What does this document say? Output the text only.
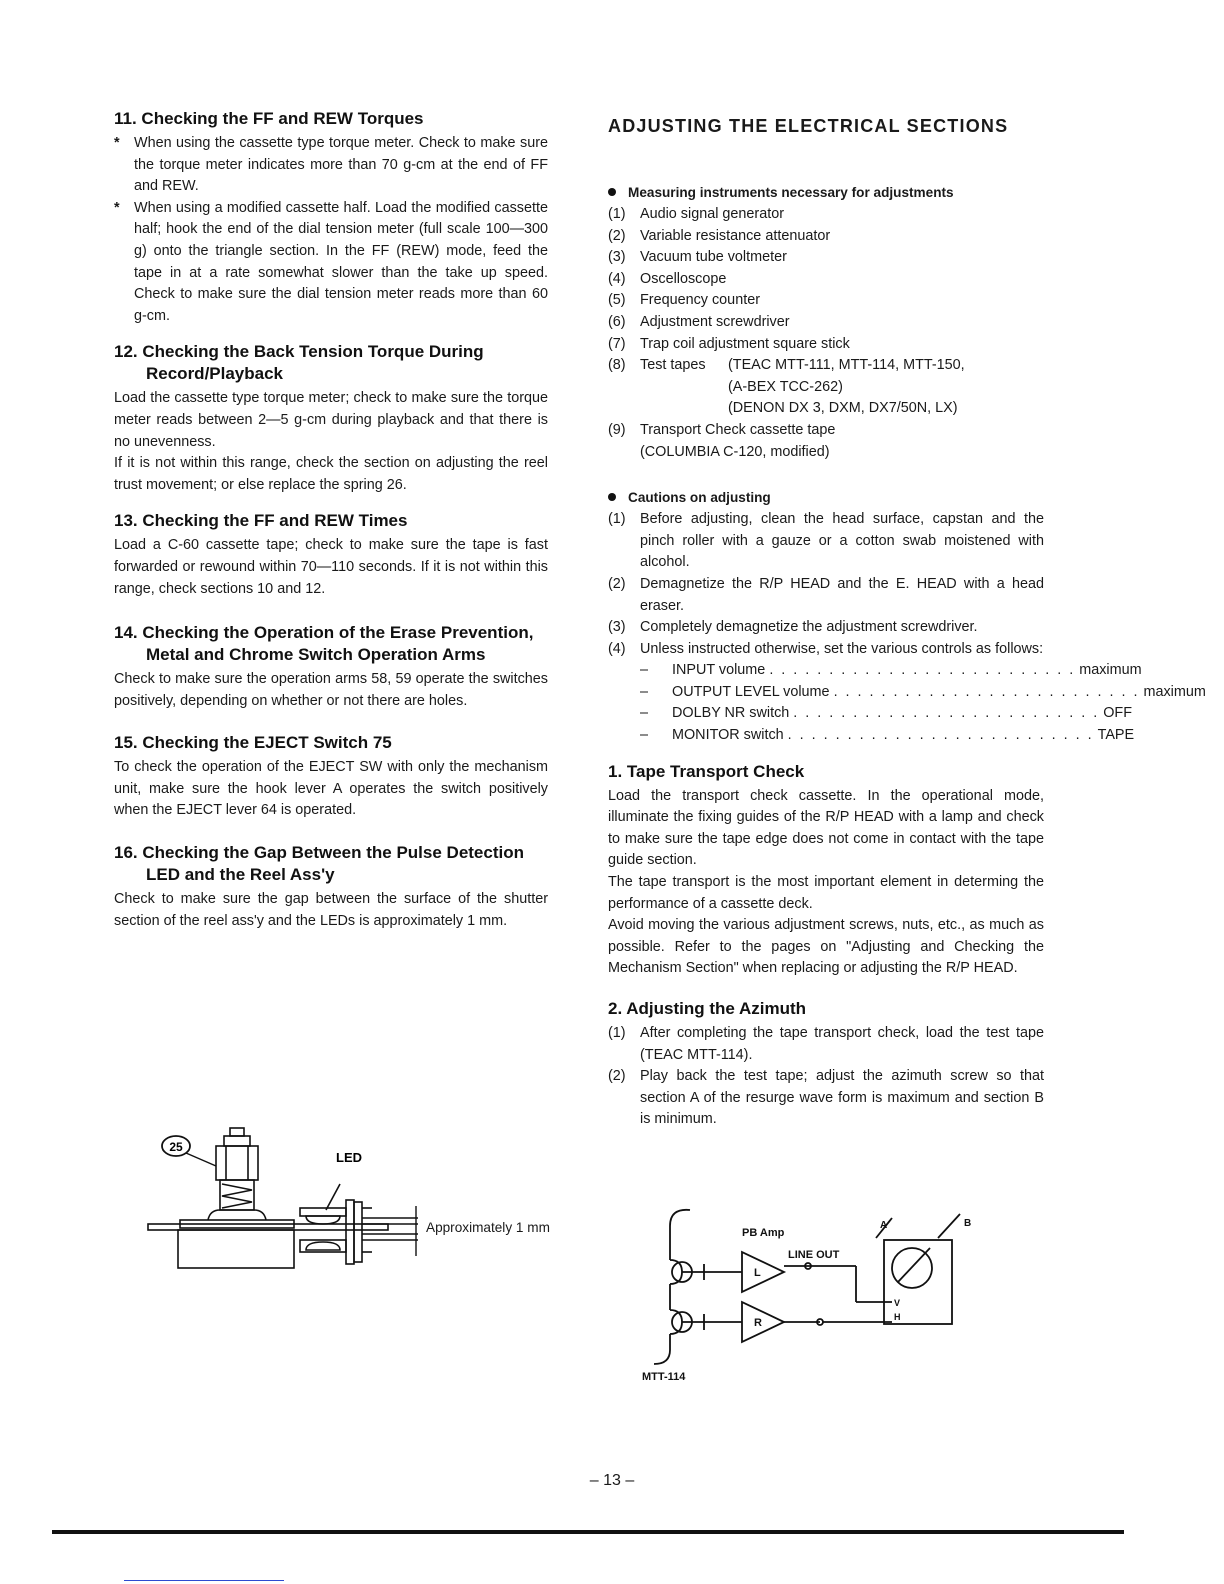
11. Checking the FF and REW Torques
* When using the cassette type torque meter. Check to make sure the torque meter indicates more than 70 g-cm at the end of FF and REW.
* When using a modified cassette half. Load the modified cassette half; hook the end of the dial tension meter (full scale 100—300 g) onto the triangle section. In the FF (REW) mode, feed the tape in at a rate somewhat slower than the take up speed. Check to make sure the dial tension meter reads more than 60 g-cm.
12. Checking the Back Tension Torque During Record/Playback

Load the cassette type torque meter; check to make sure the torque meter reads between 2—5 g-cm during playback and that there is no unevenness.

If it is not within this range, check the section on adjusting the reel trust movement; or else replace the spring 26.

13. Checking the FF and REW Times

Load a C-60 cassette tape; check to make sure the tape is fast forwarded or rewound within 70—110 seconds. If it is not within this range, check sections 10 and 12.

14. Checking the Operation of the Erase Prevention, Metal and Chrome Switch Operation Arms

Check to make sure the operation arms 58, 59 operate the switches positively, depending on whether or not there are holes.

15. Checking the EJECT Switch 75

To check the operation of the EJECT SW with only the mechanism unit, make sure the hook lever A operates the switch positively when the EJECT lever 64 is operated.

16. Checking the Gap Between the Pulse Detection LED and the Reel Ass'y

Check to make sure the gap between the surface of the shutter section of the reel ass'y and the LEDs is approximately 1 mm.

25
LED
Approximately 1 mm
ADJUSTING THE ELECTRICAL SECTIONS
Measuring instruments necessary for adjustments
(1) Audio signal generator
(2) Variable resistance attenuator
(3) Vacuum tube voltmeter
(4) Oscelloscope
(5) Frequency counter
(6) Adjustment screwdriver
(7) Trap coil adjustment square stick
(8)	Test tapes	(TEAC MTT-111, MTT-114, MTT-150,
(A-BEX TCC-262)
(DENON DX 3, DXM, DX7/50N, LX)
(9) Transport Check cassette tape
(COLUMBIA C-120, modified)
Cautions on adjusting
(1) Before adjusting, clean the head surface, capstan and the pinch roller with a gauze or a cotton swab moistened with alcohol.
(2) Demagnetize the R/P HEAD and the E. HEAD with a head eraser.
(3) Completely demagnetize the adjustment screwdriver.
(4) Unless instructed otherwise, set the various controls as follows:
–	INPUT volume . . . . . . . . . . . . . . . . . . . . . . . . . . maximum
–	OUTPUT LEVEL volume . . . . . . . . . . . . . . . . . . . . . . . . . . maximum
–	DOLBY NR switch . . . . . . . . . . . . . . . . . . . . . . . . . . OFF
–	MONITOR switch . . . . . . . . . . . . . . . . . . . . . . . . . . TAPE
1. Tape Transport Check

Load the transport check cassette. In the operational mode, illuminate the fixing guides of the R/P HEAD with a lamp and check to make sure the tape edge does not come in contact with the tape guide section.

The tape transport is the most important element in determing the performance of a cassette deck.

Avoid moving the various adjustment screws, nuts, etc., as much as possible. Refer to the pages on "Adjusting and Checking the Mechanism Section" when replacing or adjusting the R/P HEAD.

2. Adjusting the Azimuth
(1) After completing the tape transport check, load the test tape (TEAC MTT-114).
(2) Play back the test tape; adjust the azimuth screw so that section A of the resurge wave form is maximum and section B is minimum.
PB Amp
LINE OUT
L
R
MTT-114
A	B
V
H
– 13 –
